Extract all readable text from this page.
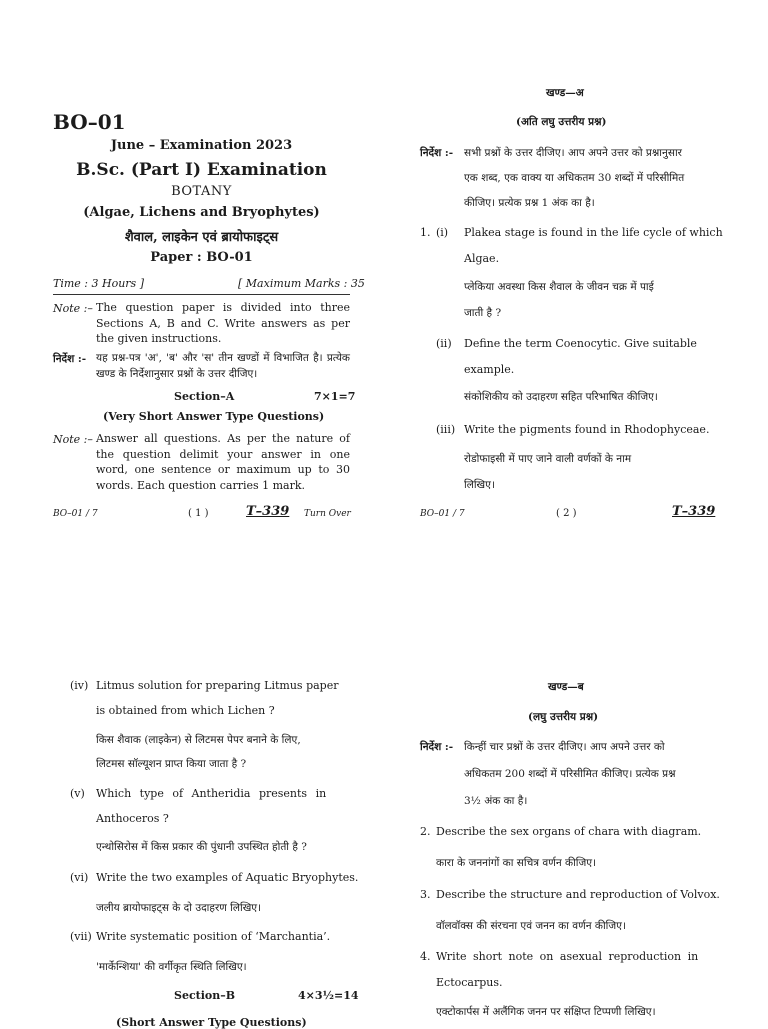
BO–01
June – Examination 2023
B.Sc. (Part I) Examination
BOTANY
(Algae, Lichens and Bryophytes)
शैवाल, लाइकेन एवं ब्रायोफाइट्स
Paper : BO-01
Time : 3 Hours ]	[ Maximum Marks : 35
Note :– The question paper is divided into three Sections A, B and C. Write answers as per the given instructions.
निर्देश :- यह प्रश्न-पत्र 'अ', 'ब' और 'स' तीन खण्डों में विभाजित है। प्रत्येक खण्ड के निर्देशानुसार प्रश्नों के उत्तर दीजिए।
Section–A	7×1=7
(Very Short Answer Type Questions)
Note :– Answer all questions. As per the nature of the question delimit your answer in one word, one sentence or maximum up to 30 words. Each question carries 1 mark.
BO–01 / 7	( 1 )	T–339 Turn Over
खण्ड—अ
(अति लघु उत्तरीय प्रश्न)
निर्देश :- सभी प्रश्नों के उत्तर दीजिए। आप अपने उत्तर को प्रश्नानुसार
एक शब्द, एक वाक्य या अधिकतम 30 शब्दों में परिसीमित
कीजिए। प्रत्येक प्रश्न 1 अंक का है।
1. (i) Plakea stage is found in the life cycle of which
Algae.
प्लेकिया अवस्था किस शैवाल के जीवन चक्र में पाई
जाती है ?
(ii) Define the term Coenocytic. Give suitable
example.
संकोशिकीय को उदाहरण सहित परिभाषित कीजिए।
(iii) Write the pigments found in Rhodophyceae.
रोडोफाइसी में पाए जाने वाली वर्णकों के नाम
लिखिए।
BO–01 / 7	( 2 )	T–339
(iv) Litmus solution for preparing Litmus paper
is obtained from which Lichen ?
किस शैवाक (लाइकेन) से लिटमस पेपर बनाने के लिए,
लिटमस सॉल्यूशन प्राप्त किया जाता है ?
(v) Which type of Antheridia presents in
Anthoceros ?
एन्थोसिरोस में किस प्रकार की पुंधानी उपस्थित होती है ?
(vi) Write the two examples of Aquatic Bryophytes.
जलीय ब्रायोफाइट्स के दो उदाहरण लिखिए।
(vii) Write systematic position of ‘Marchantia’.
'मार्केन्शिया' की वर्गीकृत स्थिति लिखिए।
Section–B	4×3½=14
(Short Answer Type Questions)
खण्ड—ब
(लघु उत्तरीय प्रश्न)
निर्देश :- किन्हीं चार प्रश्नों के उत्तर दीजिए। आप अपने उत्तर को
अधिकतम 200 शब्दों में परिसीमित कीजिए। प्रत्येक प्रश्न
3½ अंक का है।
2. Describe the sex organs of chara with diagram.
कारा के जननांगों का सचित्र वर्णन कीजिए।
3. Describe the structure and reproduction of Volvox.
वॉलवॉक्स की संरचना एवं जनन का वर्णन कीजिए।
4. Write short note on asexual reproduction in
Ectocarpus.
एक्टोकार्पस में अलैंगिक जनन पर संक्षिप्त टिप्पणी लिखिए।
